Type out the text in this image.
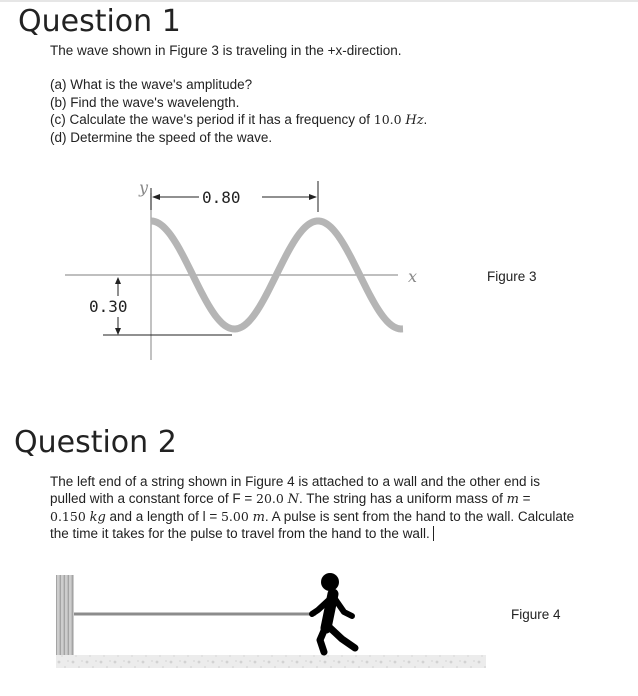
Question 1
The wave shown in Figure 3 is traveling in the +x-direction.
(a) What is the wave's amplitude?
(b) Find the wave's wavelength.
(c) Calculate the wave's period if it has a frequency of 10.0 Hz.
(d) Determine the speed of the wave.
0.80
y
x
0.30
Figure 3
Question 2
The left end of a string shown in Figure 4 is attached to a wall and the other end is
pulled with a constant force of F = 20.0 N. The string has a uniform mass of m =
0.150 kg and a length of l = 5.00 m. A pulse is sent from the hand to the wall. Calculate
the time it takes for the pulse to travel from the hand to the wall.
Figure 4
